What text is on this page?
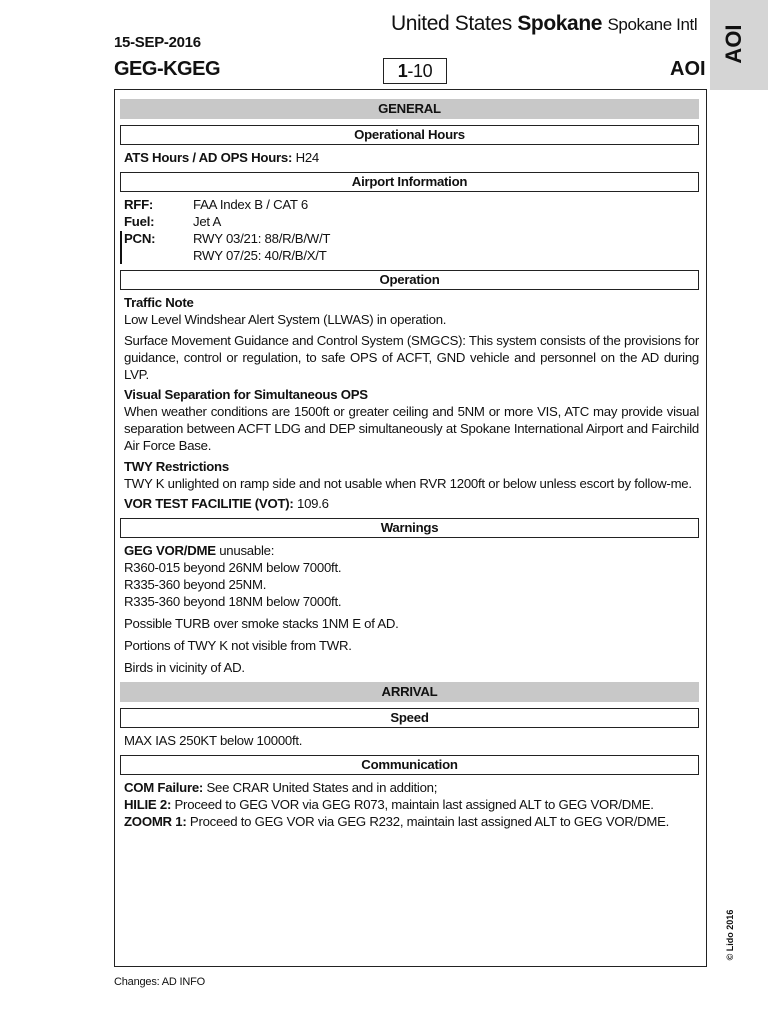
15-SEP-2016
United States Spokane Spokane Intl
GEG-KGEG	1-10	AOI
AOI
GENERAL
Operational Hours
ATS Hours / AD OPS Hours: H24
Airport Information
RFF:	FAA Index B / CAT 6
Fuel:	Jet A
PCN:	RWY 03/21: 88/R/B/W/T
RWY 07/25: 40/R/B/X/T
Operation
Traffic Note
Low Level Windshear Alert System (LLWAS) in operation.
Surface Movement Guidance and Control System (SMGCS): This system consists of the provisions for guidance, control or regulation, to safe OPS of ACFT, GND vehicle and personnel on the AD during LVP.
Visual Separation for Simultaneous OPS
When weather conditions are 1500ft or greater ceiling and 5NM or more VIS, ATC may provide visual separation between ACFT LDG and DEP simultaneously at Spokane International Airport and Fairchild Air Force Base.
TWY Restrictions
TWY K unlighted on ramp side and not usable when RVR 1200ft or below unless escort by follow-me.
VOR TEST FACILITIE (VOT): 109.6
Warnings
GEG VOR/DME unusable:
R360-015 beyond 26NM below 7000ft.
R335-360 beyond 25NM.
R335-360 beyond 18NM below 7000ft.
Possible TURB over smoke stacks 1NM E of AD.
Portions of TWY K not visible from TWR.
Birds in vicinity of AD.
ARRIVAL
Speed
MAX IAS 250KT below 10000ft.
Communication
COM Failure: See CRAR United States and in addition;
HILIE 2: Proceed to GEG VOR via GEG R073, maintain last assigned ALT to GEG VOR/DME.
ZOOMR 1: Proceed to GEG VOR via GEG R232, maintain last assigned ALT to GEG VOR/DME.
Changes: AD INFO
© Lido 2016
